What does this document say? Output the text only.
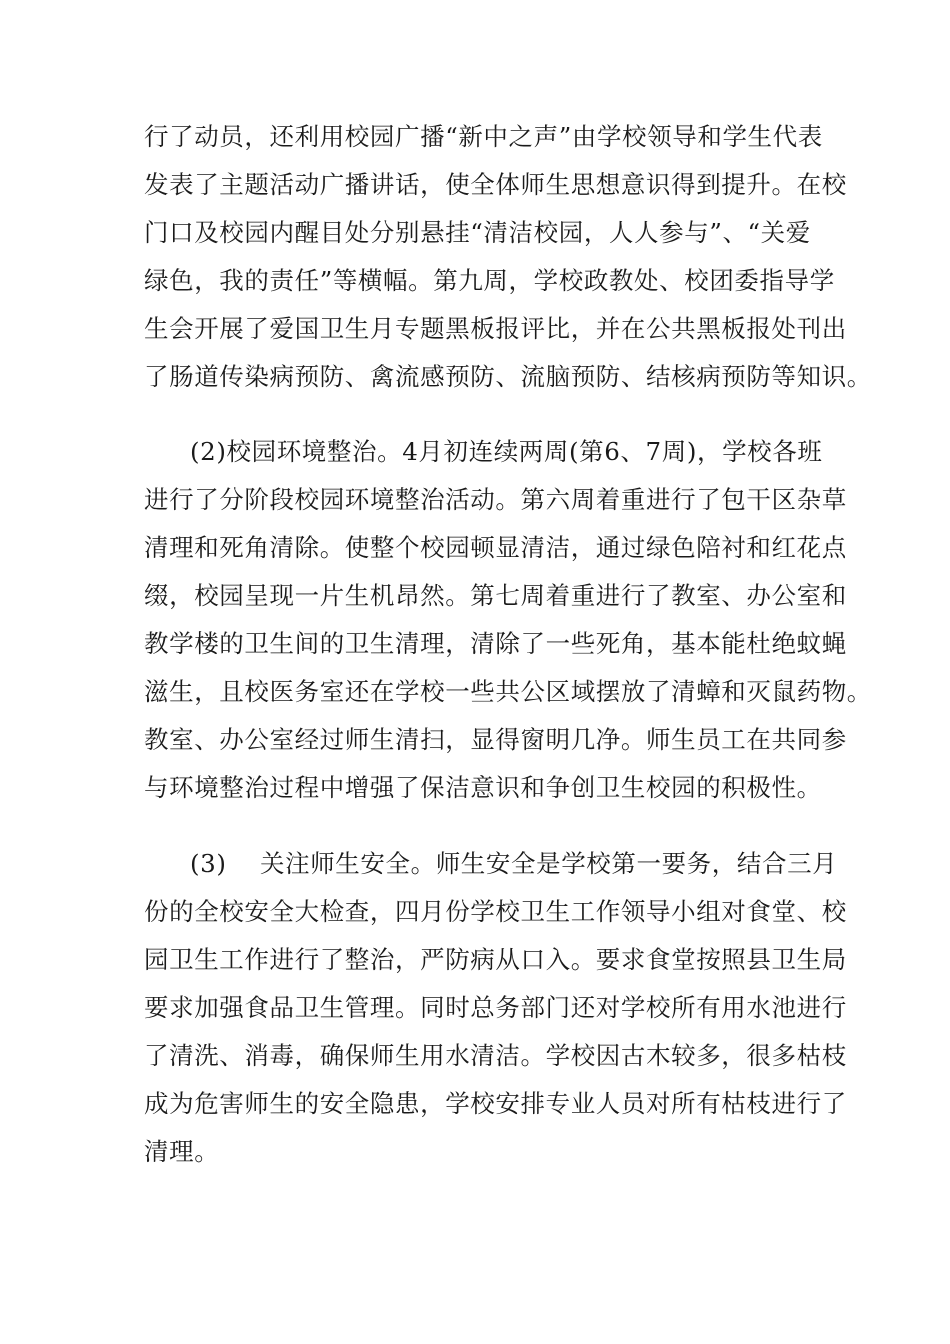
行了动员，还利用校园广播“新中之声”由学校领导和学生代表
发表了主题活动广播讲话，使全体师生思想意识得到提升。在校
门口及校园内醒目处分别悬挂“清洁校园，人人参与”、“关爱
绿色，我的责任”等横幅。第九周，学校政教处、校团委指导学
生会开展了爱国卫生月专题黑板报评比，并在公共黑板报处刊出
了肠道传染病预防、禽流感预防、流脑预防、结核病预防等知识。
(2)校园环境整治。4月初连续两周(第6、7周)，学校各班
进行了分阶段校园环境整治活动。第六周着重进行了包干区杂草
清理和死角清除。使整个校园顿显清洁，通过绿色陪衬和红花点
缀，校园呈现一片生机昂然。第七周着重进行了教室、办公室和
教学楼的卫生间的卫生清理，清除了一些死角，基本能杜绝蚊蝇
滋生，且校医务室还在学校一些共公区域摆放了清蟑和灭鼠药物。
教室、办公室经过师生清扫，显得窗明几净。师生员工在共同参
与环境整治过程中增强了保洁意识和争创卫生校园的积极性。
(3)　 关注师生安全。师生安全是学校第一要务，结合三月
份的全校安全大检查，四月份学校卫生工作领导小组对食堂、校
园卫生工作进行了整治，严防病从口入。要求食堂按照县卫生局
要求加强食品卫生管理。同时总务部门还对学校所有用水池进行
了清洗、消毒，确保师生用水清洁。学校因古木较多，很多枯枝
成为危害师生的安全隐患，学校安排专业人员对所有枯枝进行了
清理。
